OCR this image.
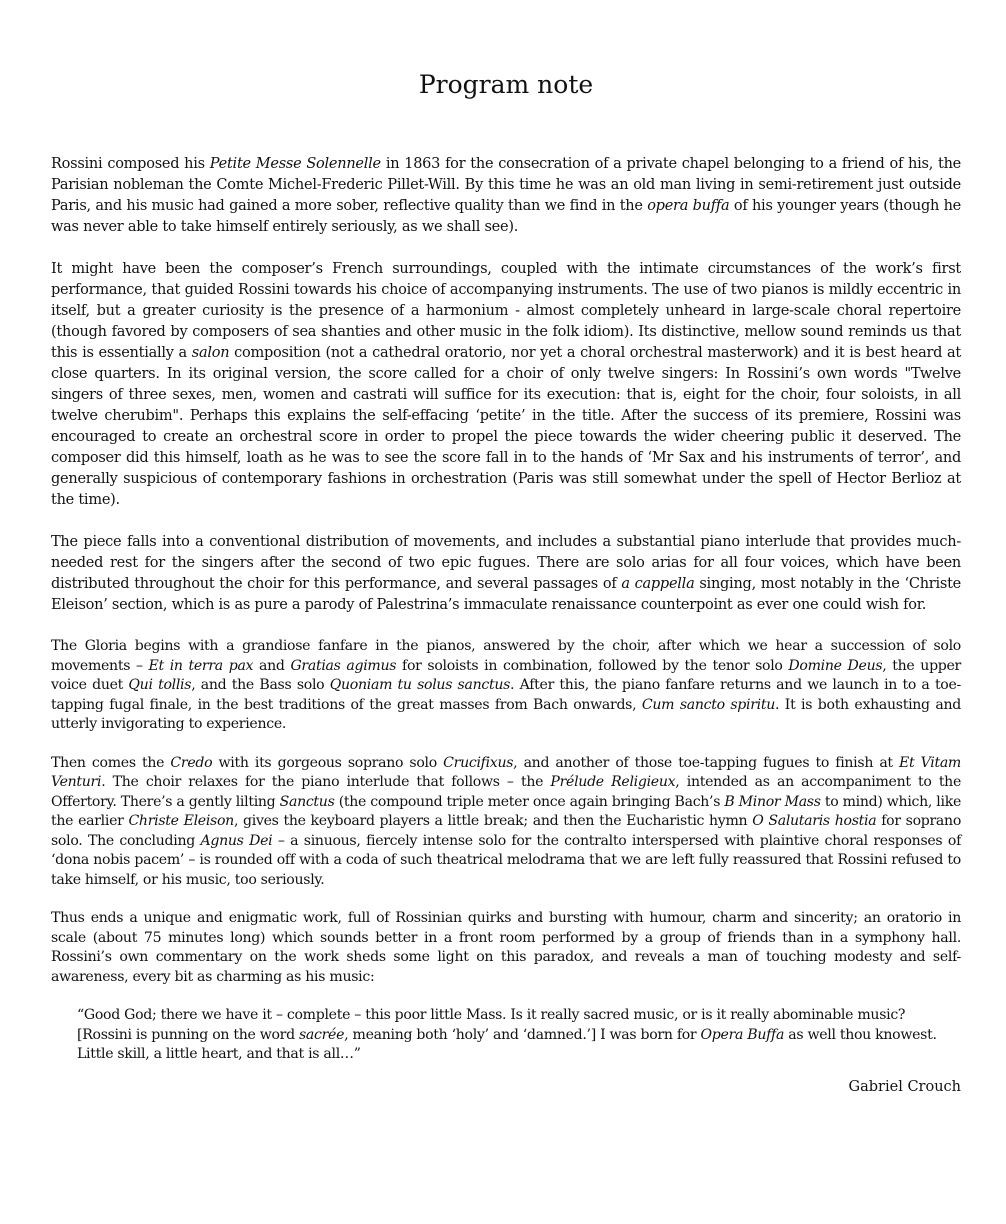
Program note

Rossini composed his Petite Messe Solennelle in 1863 for the consecration of a private chapel belonging to a friend of his, the Parisian nobleman the Comte Michel-Frederic Pillet-Will. By this time he was an old man living in semi-retirement just outside Paris, and his music had gained a more sober, reflective quality than we find in the opera buffa of his younger years (though he was never able to take himself entirely seriously, as we shall see).

It might have been the composer’s French surroundings, coupled with the intimate circumstances of the work’s first performance, that guided Rossini towards his choice of accompanying instruments. The use of two pianos is mildly eccentric in itself, but a greater curiosity is the presence of a harmonium - almost completely unheard in large-scale choral repertoire (though favored by composers of sea shanties and other music in the folk idiom). Its distinctive, mellow sound reminds us that this is essentially a salon composition (not a cathedral oratorio, nor yet a choral orchestral masterwork) and it is best heard at close quarters. In its original version, the score called for a choir of only twelve singers: In Rossini’s own words "Twelve singers of three sexes, men, women and castrati will suffice for its execution: that is, eight for the choir, four soloists, in all twelve cherubim". Perhaps this explains the self-effacing ‘petite’ in the title. After the success of its premiere, Rossini was encouraged to create an orchestral score in order to propel the piece towards the wider cheering public it deserved. The composer did this himself, loath as he was to see the score fall in to the hands of ‘Mr Sax and his instruments of terror’, and generally suspicious of contemporary fashions in orchestration (Paris was still somewhat under the spell of Hector Berlioz at the time).

The piece falls into a conventional distribution of movements, and includes a substantial piano interlude that provides much-needed rest for the singers after the second of two epic fugues. There are solo arias for all four voices, which have been distributed throughout the choir for this performance, and several passages of a cappella singing, most notably in the ‘Christe Eleison’ section, which is as pure a parody of Palestrina’s immaculate renaissance counterpoint as ever one could wish for.

The Gloria begins with a grandiose fanfare in the pianos, answered by the choir, after which we hear a succession of solo movements – Et in terra pax and Gratias agimus for soloists in combination, followed by the tenor solo Domine Deus, the upper voice duet Qui tollis, and the Bass solo Quoniam tu solus sanctus. After this, the piano fanfare returns and we launch in to a toe-tapping fugal finale, in the best traditions of the great masses from Bach onwards, Cum sancto spiritu. It is both exhausting and utterly invigorating to experience.

Then comes the Credo with its gorgeous soprano solo Crucifixus, and another of those toe-tapping fugues to finish at Et Vitam Venturi. The choir relaxes for the piano interlude that follows – the Prélude Religieux, intended as an accompaniment to the Offertory. There’s a gently lilting Sanctus (the compound triple meter once again bringing Bach’s B Minor Mass to mind) which, like the earlier Christe Eleison, gives the keyboard players a little break; and then the Eucharistic hymn O Salutaris hostia for soprano solo. The concluding Agnus Dei – a sinuous, fiercely intense solo for the contralto interspersed with plaintive choral responses of ‘dona nobis pacem’ – is rounded off with a coda of such theatrical melodrama that we are left fully reassured that Rossini refused to take himself, or his music, too seriously.

Thus ends a unique and enigmatic work, full of Rossinian quirks and bursting with humour, charm and sincerity; an oratorio in scale (about 75 minutes long) which sounds better in a front room performed by a group of friends than in a symphony hall. Rossini’s own commentary on the work sheds some light on this paradox, and reveals a man of touching modesty and self-awareness, every bit as charming as his music:

“Good God; there we have it – complete – this poor little Mass. Is it really sacred music, or is it really abominable music? [Rossini is punning on the word sacrée, meaning both ‘holy’ and ‘damned.’] I was born for Opera Buffa as well thou knowest. Little skill, a little heart, and that is all…”

Gabriel Crouch
